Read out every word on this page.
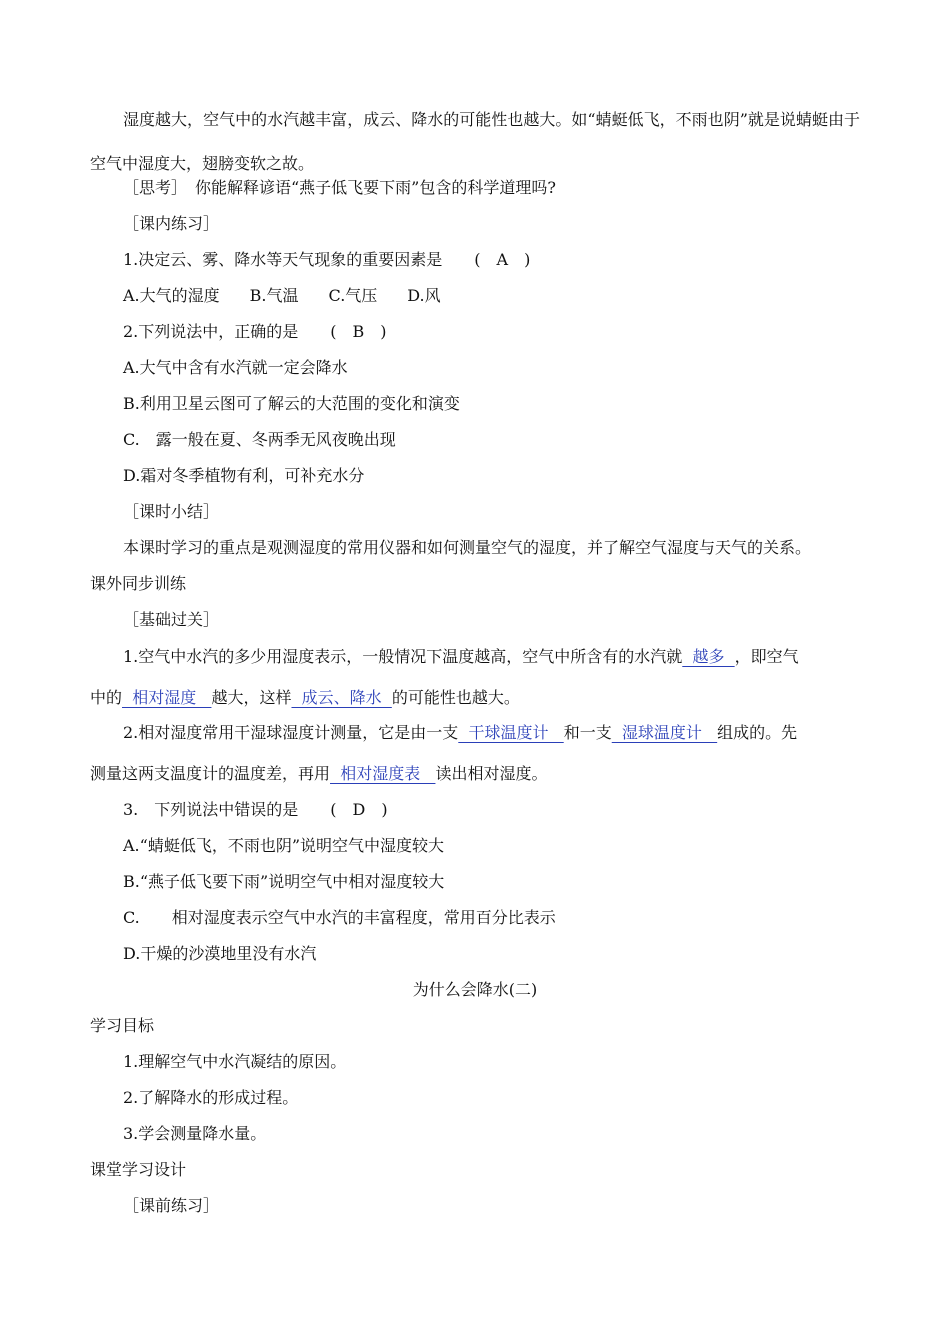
湿度越大，空气中的水汽越丰富，成云、降水的可能性也越大。如“蜻蜓低飞，不雨也阴”就是说蜻蜓由于空气中湿度大，翅膀变软之故。
［思考］　你能解释谚语“燕子低飞要下雨”包含的科学道理吗?
［课内练习］
1.决定云、雾、降水等天气现象的重要因素是　　(　A　)
A.大气的湿度 B.气温 C.气压 D.风
2.下列说法中，正确的是　　(　B　)
A.大气中含有水汽就一定会降水
B.利用卫星云图可了解云的大范围的变化和演变
C.　露一般在夏、冬两季无风夜晚出现
D.霜对冬季植物有利，可补充水分
［课时小结］
本课时学习的重点是观测湿度的常用仪器和如何测量空气的湿度，并了解空气湿度与天气的关系。
课外同步训练
［基础过关］
1.空气中水汽的多少用湿度表示，一般情况下温度越高，空气中所含有的水汽就  越多  ，即空气
中的  相对湿度   越大，这样  成云、降水  的可能性也越大。
2.相对湿度常用干湿球湿度计测量，它是由一支  干球温度计   和一支  湿球温度计   组成的。先
测量这两支温度计的温度差，再用  相对湿度表   读出相对湿度。
3.　下列说法中错误的是　　(　D　)
A.“蜻蜓低飞，不雨也阴”说明空气中湿度较大
B.“燕子低飞要下雨”说明空气中相对湿度较大
C.　　相对湿度表示空气中水汽的丰富程度，常用百分比表示
D.干燥的沙漠地里没有水汽
为什么会降水(二)
学习目标
1.理解空气中水汽凝结的原因。
2.了解降水的形成过程。
3.学会测量降水量。
课堂学习设计
［课前练习］
